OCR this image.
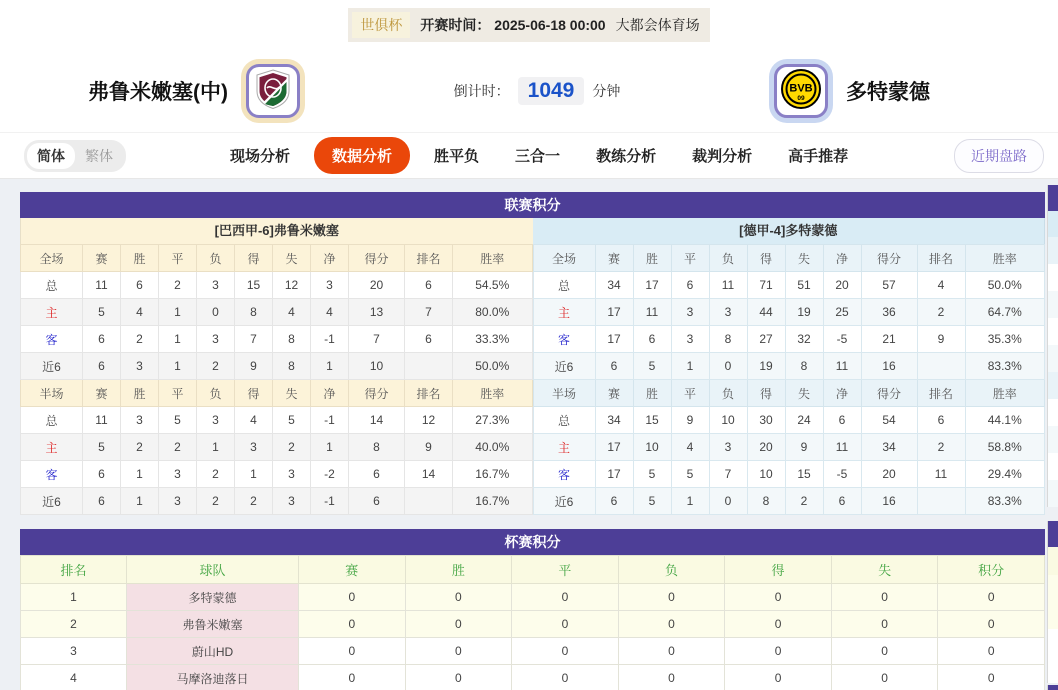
世俱杯	开赛时间： 2025-06-18 00:00 大都会体育场
弗鲁米嫩塞(中)	倒计时： 1049	分钟	BVB
09 多特蒙德
简体	繁体	现场分析	数据分析	胜平负	三合一	教练分析	裁判分析	高手推荐	近期盘路
联赛积分
[巴西甲-6]弗鲁米嫩塞
全场	赛	胜	平	负	得	失	净	得分	排名	胜率
总	11	6	2	3	15	12	3	20	6	54.5%
主	5	4	1	0	8	4	4	13	7	80.0%
客	6	2	1	3	7	8	-1	7	6	33.3%
近6	6	3	1	2	9	8	1	10		50.0%
半场	赛	胜	平	负	得	失	净	得分	排名	胜率
总	11	3	5	3	4	5	-1	14	12	27.3%
主	5	2	2	1	3	2	1	8	9	40.0%
客	6	1	3	2	1	3	-2	6	14	16.7%
近6	6	1	3	2	2	3	-1	6		16.7%
[德甲-4]多特蒙德
全场	赛	胜	平	负	得	失	净	得分	排名	胜率
总	34	17	6	11	71	51	20	57	4	50.0%
主	17	11	3	3	44	19	25	36	2	64.7%
客	17	6	3	8	27	32	-5	21	9	35.3%
近6	6	5	1	0	19	8	11	16		83.3%
半场	赛	胜	平	负	得	失	净	得分	排名	胜率
总	34	15	9	10	30	24	6	54	6	44.1%
主	17	10	4	3	20	9	11	34	2	58.8%
客	17	5	5	7	10	15	-5	20	11	29.4%
近6	6	5	1	0	8	2	6	16		83.3%
杯赛积分
排名	球队	赛	胜	平	负	得	失	积分
1	多特蒙德	0	0	0	0	0	0	0
2	弗鲁米嫩塞	0	0	0	0	0	0	0
3	蔚山HD	0	0	0	0	0	0	0
4	马摩洛迪落日	0	0	0	0	0	0	0
